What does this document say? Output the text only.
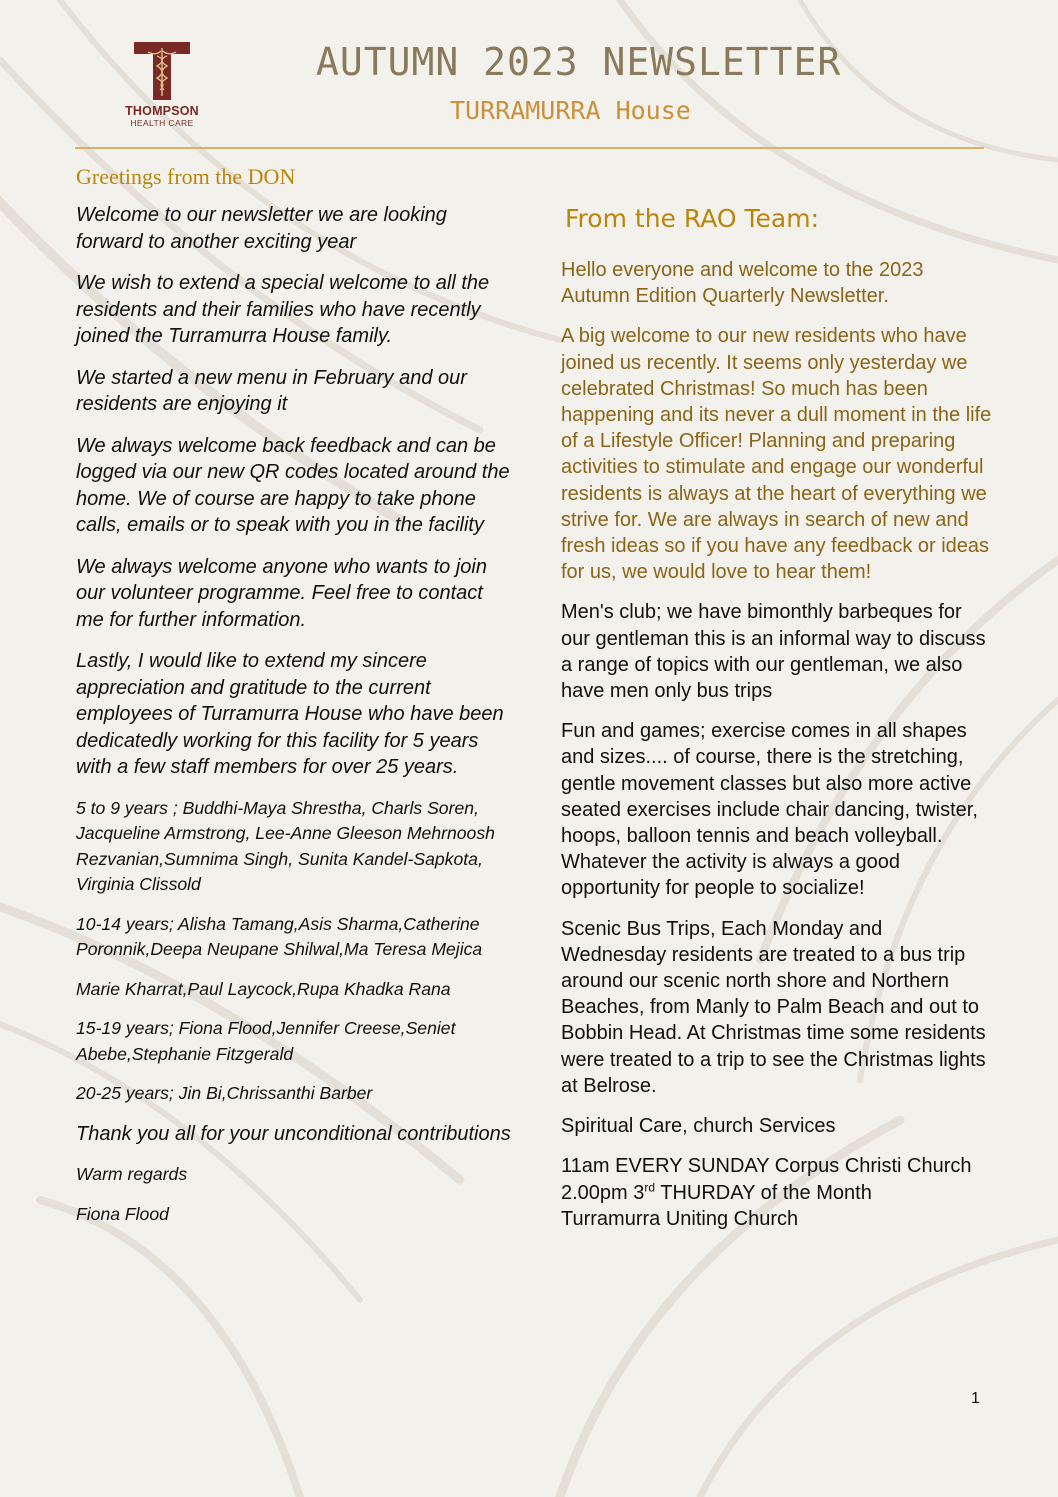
THOMPSON
HEALTH CARE
AUTUMN 2023 NEWSLETTER
TURRAMURRA House
Greetings from the DON

Welcome to our newsletter we are looking forward to another exciting year

We wish to extend a special welcome to all the residents and their families who have recently joined the Turramurra House family.

We started a new menu in February and our residents are enjoying it

We always welcome back feedback and can be logged via our new QR codes located around the home. We of course are happy to take phone calls, emails or to speak with you in the facility

We always welcome anyone who wants to join our volunteer programme. Feel free to contact me for further information.

Lastly, I would like to extend my sincere appreciation and gratitude to the current employees of Turramurra House who have been dedicatedly working for this facility for 5 years with a few staff members for over 25 years.

5 to 9 years ; Buddhi-Maya Shrestha, Charls Soren, Jacqueline Armstrong, Lee-Anne Gleeson Mehrnoosh Rezvanian,Sumnima Singh, Sunita Kandel-Sapkota, Virginia Clissold

10-14 years; Alisha Tamang,Asis Sharma,Catherine Poronnik,Deepa Neupane Shilwal,Ma Teresa Mejica

Marie Kharrat,Paul Laycock,Rupa Khadka Rana

15-19 years; Fiona Flood,Jennifer Creese,Seniet Abebe,Stephanie Fitzgerald

20-25 years; Jin Bi,Chrissanthi Barber

Thank you all for your unconditional contributions

Warm regards

Fiona Flood

From the RAO Team:

Hello everyone and welcome to the 2023 Autumn Edition Quarterly Newsletter.

A big welcome to our new residents who have joined us recently. It seems only yesterday we celebrated Christmas! So much has been happening and its never a dull moment in the life of a Lifestyle Officer! Planning and preparing activities to stimulate and engage our wonderful residents is always at the heart of everything we strive for. We are always in search of new and fresh ideas so if you have any feedback or ideas for us, we would love to hear them!

Men's club; we have bimonthly barbeques for our gentleman this is an informal way to discuss a range of topics with our gentleman, we also have men only bus trips

Fun and games; exercise comes in all shapes and sizes.... of course, there is the stretching, gentle movement classes but also more active seated exercises include chair dancing, twister, hoops, balloon tennis and beach volleyball. Whatever the activity is always a good opportunity for people to socialize!

Scenic Bus Trips, Each Monday and Wednesday residents are treated to a bus trip around our scenic north shore and Northern Beaches, from Manly to Palm Beach and out to Bobbin Head. At Christmas time some residents were treated to a trip to see the Christmas lights at Belrose.

Spiritual Care, church Services

11am EVERY SUNDAY Corpus Christi Church

2.00pm 3rd THURDAY of the Month

Turramurra Uniting Church

1
